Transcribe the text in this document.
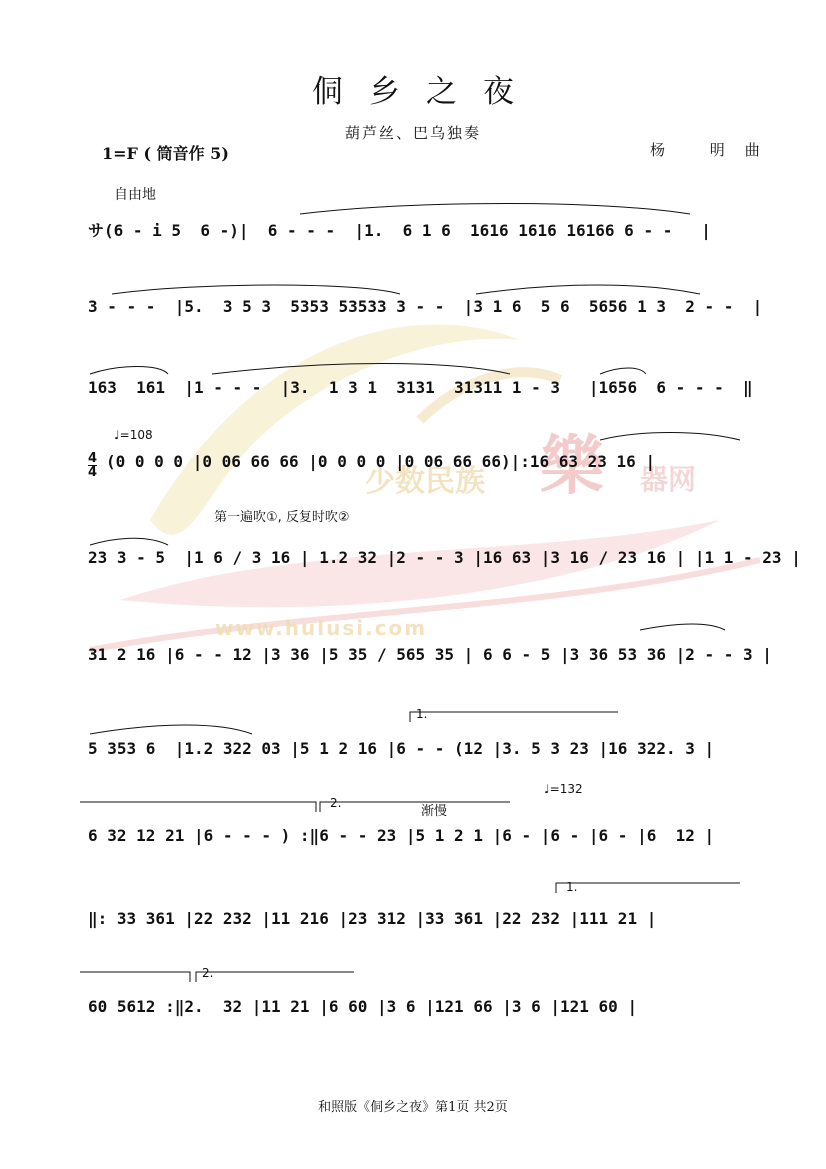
少数民族 樂 器网
www.hulusi.com
侗乡之夜
葫芦丝、巴乌独奏
1=F ( 筒音作 5)	杨 明曲
自由地
サ(6 - i 5  6 -)|  6 - - -  |1.  6 1 6  1616 1616 16166 6 - -   |
3 - - -  |5.  3 5 3  5353 53533 3 - -  |3 1 6  5 6  5656 1 3  2 - -  |
163  161  |1 - - -  |3.  1 3 1  3131  31311 1 - 3   |1656  6 - - -  ‖
♩=108
4
4
(0 0 0 0 |0 06 66 66 |0 0 0 0 |0 06 66 66)|:16 63 23 16 |
第一遍吹①, 反复时吹②
23 3 - 5  |1 6 / 3 16 | 1.2 32 |2 - - 3 |16 63 |3 16 / 23 16 | |1 1 - 23 |
31 2 16 |6 - - 12 |3 36 |5 35 / 565 35 | 6 6 - 5 |3 36 53 36 |2 - - 3 |
1.
5 353 6  |1.2 322 03 |5 1 2 16 |6 - - (12 |3. 5 3 23 |16 322. 3 |
2.
渐慢
♩=132
6 32 12 21 |6 - - - ) :‖6 - - 23 |5 1 2 1 |6 - |6 - |6 - |6  12 |
1.
‖: 33 361 |22 232 |11 216 |23 312 |33 361 |22 232 |111 21 |
2.
60 5612 :‖2.  32 |11 21 |6 60 |3 6 |121 66 |3 6 |121 60 |
和照版《侗乡之夜》第1页 共2页
